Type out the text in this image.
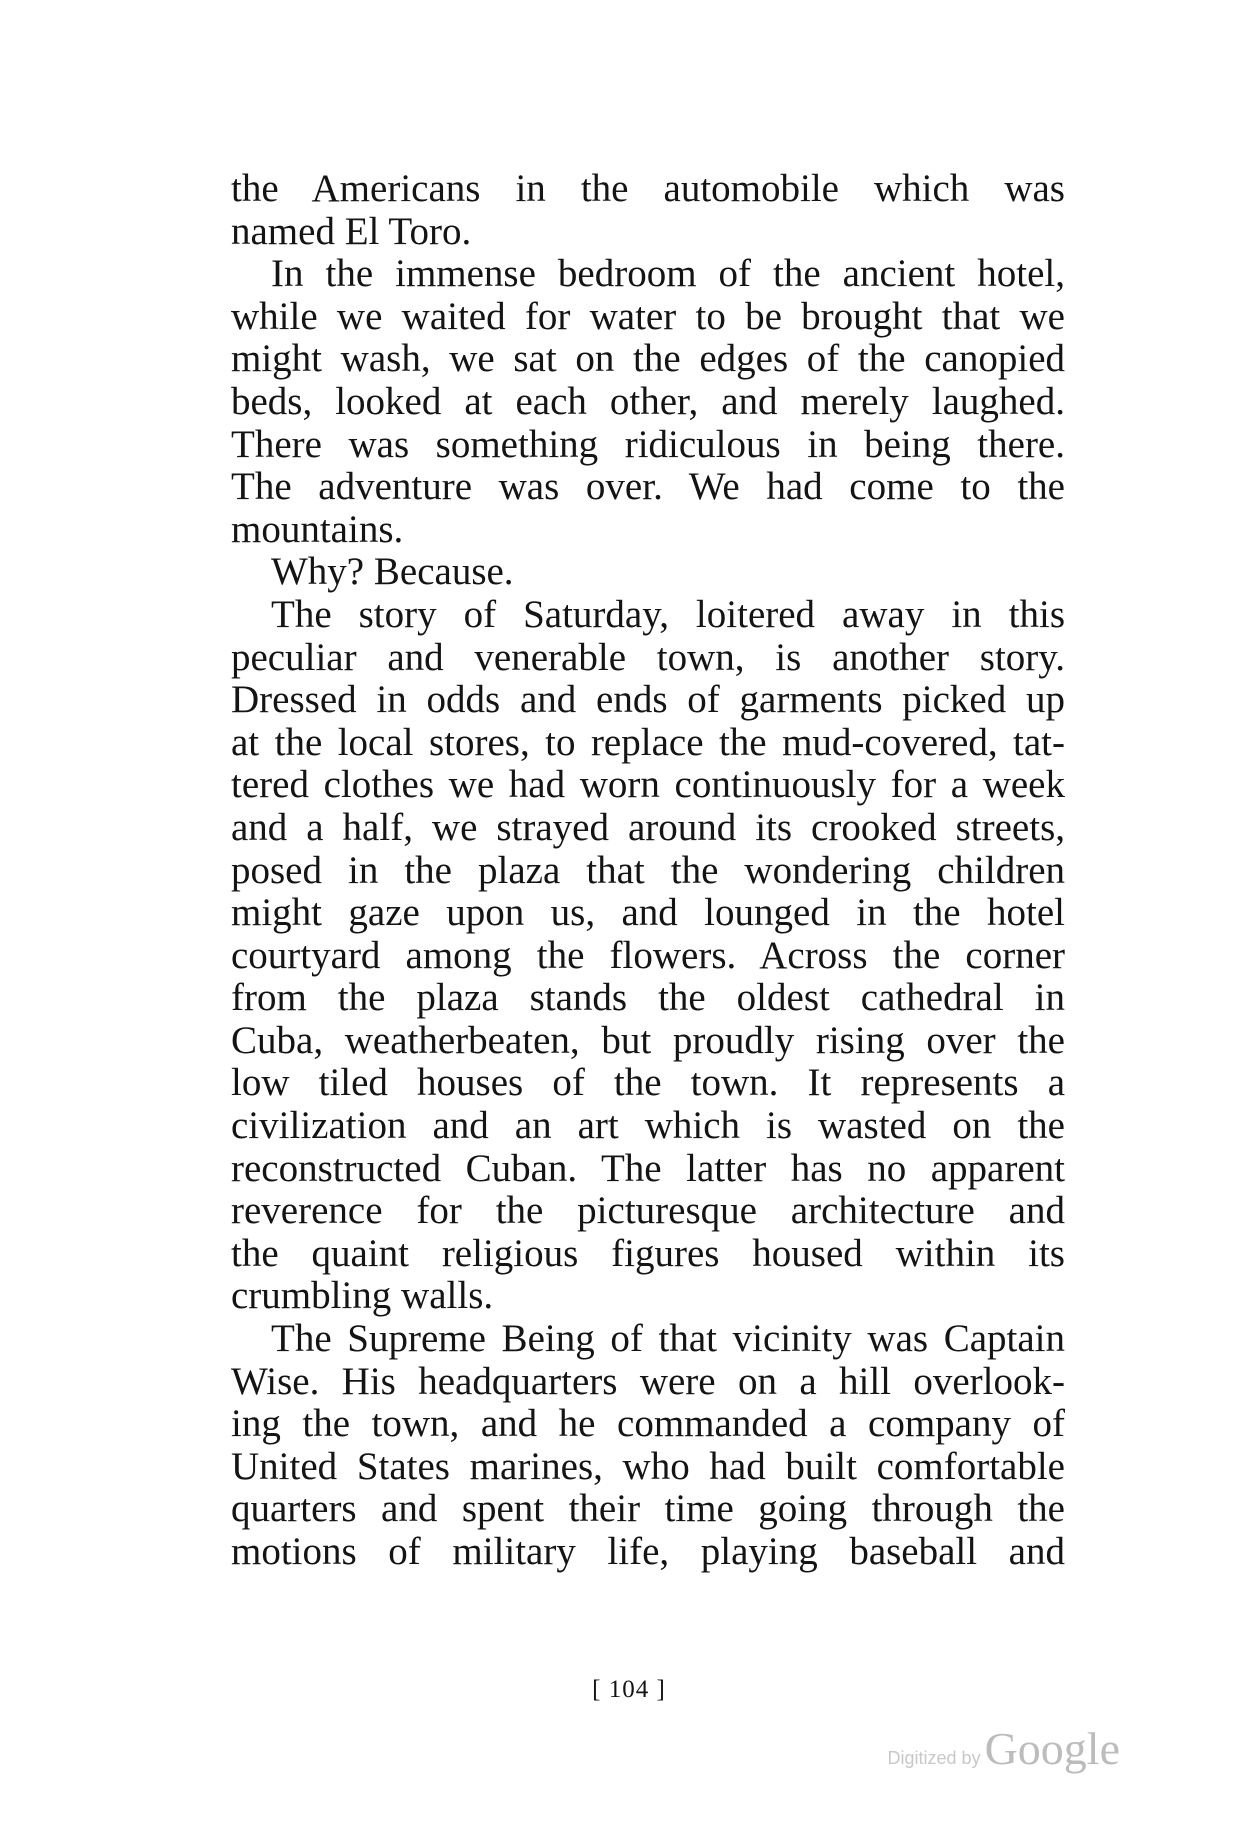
the Americans in the automobile which was
named El Toro.
In the immense bedroom of the ancient hotel,
while we waited for water to be brought that we
might wash, we sat on the edges of the canopied
beds, looked at each other, and merely laughed.
There was something ridiculous in being there.
The adventure was over. We had come to the
mountains.
Why? Because.
The story of Saturday, loitered away in this
peculiar and venerable town, is another story.
Dressed in odds and ends of garments picked up
at the local stores, to replace the mud-covered, tat-
tered clothes we had worn continuously for a week
and a half, we strayed around its crooked streets,
posed in the plaza that the wondering children
might gaze upon us, and lounged in the hotel
courtyard among the flowers. Across the corner
from the plaza stands the oldest cathedral in
Cuba, weatherbeaten, but proudly rising over the
low tiled houses of the town. It represents a
civilization and an art which is wasted on the
reconstructed Cuban. The latter has no apparent
reverence for the picturesque architecture and
the quaint religious figures housed within its
crumbling walls.
The Supreme Being of that vicinity was Captain
Wise. His headquarters were on a hill overlook-
ing the town, and he commanded a company of
United States marines, who had built comfortable
quarters and spent their time going through the
motions of military life, playing baseball and
[ 104 ]
Digitized by Google
